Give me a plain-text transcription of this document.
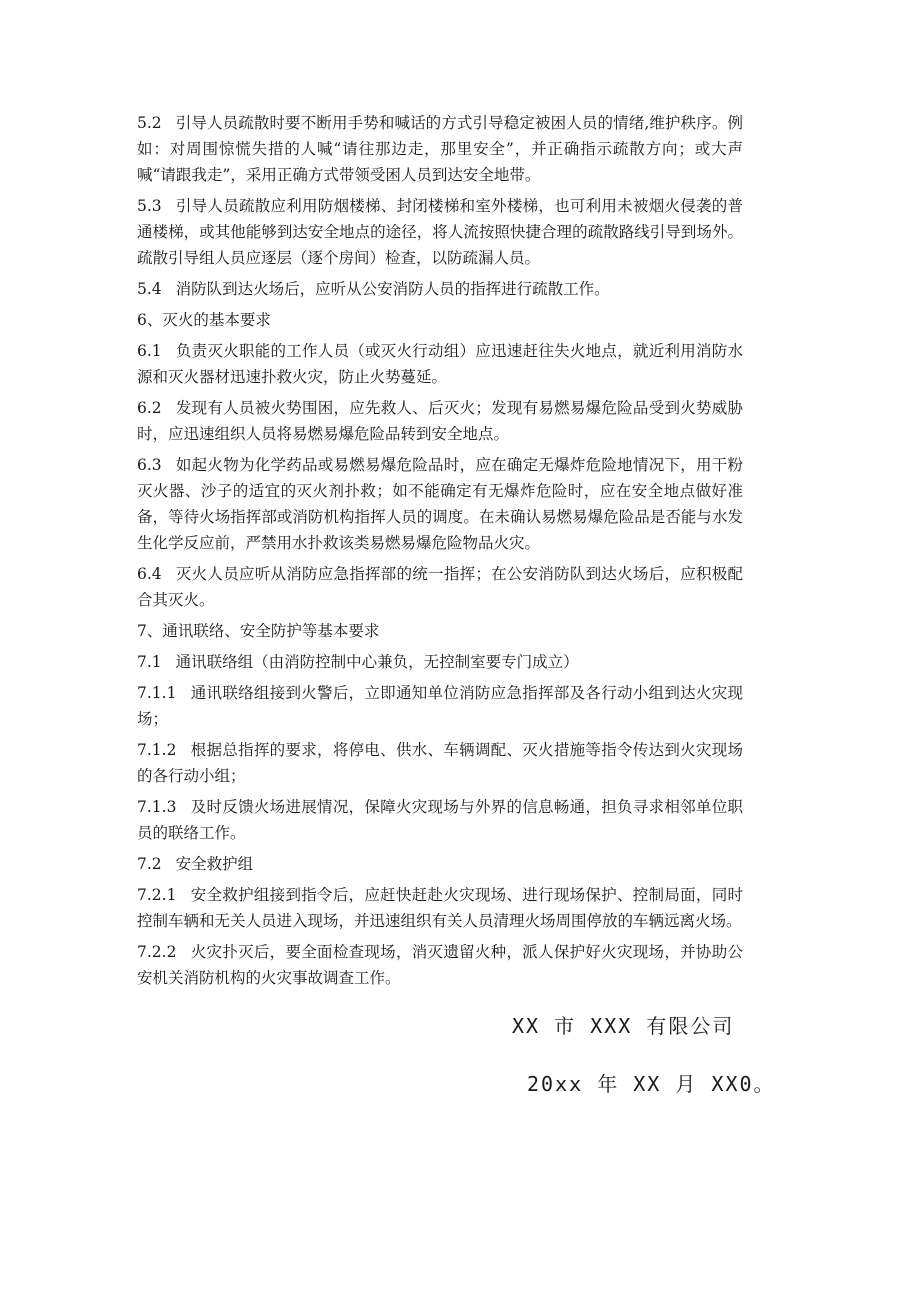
5.2 引导人员疏散时要不断用手势和喊话的方式引导稳定被困人员的情绪,维护秩序。例如：对周围惊慌失措的人喊“请往那边走，那里安全”，并正确指示疏散方向；或大声喊“请跟我走”，采用正确方式带领受困人员到达安全地带。

5.3 引导人员疏散应利用防烟楼梯、封闭楼梯和室外楼梯，也可利用未被烟火侵袭的普通楼梯，或其他能够到达安全地点的途径，将人流按照快捷合理的疏散路线引导到场外。疏散引导组人员应逐层（逐个房间）检查，以防疏漏人员。

5.4 消防队到达火场后，应听从公安消防人员的指挥进行疏散工作。

6、灭火的基本要求

6.1 负责灭火职能的工作人员（或灭火行动组）应迅速赶往失火地点，就近利用消防水源和灭火器材迅速扑救火灾，防止火势蔓延。

6.2 发现有人员被火势围困，应先救人、后灭火；发现有易燃易爆危险品受到火势威胁时，应迅速组织人员将易燃易爆危险品转到安全地点。

6.3 如起火物为化学药品或易燃易爆危险品时，应在确定无爆炸危险地情况下，用干粉灭火器、沙子的适宜的灭火剂扑救；如不能确定有无爆炸危险时，应在安全地点做好准备，等待火场指挥部或消防机构指挥人员的调度。在未确认易燃易爆危险品是否能与水发生化学反应前，严禁用水扑救该类易燃易爆危险物品火灾。

6.4 灭火人员应听从消防应急指挥部的统一指挥；在公安消防队到达火场后，应积极配合其灭火。

7、通讯联络、安全防护等基本要求

7.1 通讯联络组（由消防控制中心兼负，无控制室要专门成立）

7.1.1 通讯联络组接到火警后，立即通知单位消防应急指挥部及各行动小组到达火灾现场；

7.1.2 根据总指挥的要求，将停电、供水、车辆调配、灭火措施等指令传达到火灾现场的各行动小组；

7.1.3 及时反馈火场进展情况，保障火灾现场与外界的信息畅通，担负寻求相邻单位职员的联络工作。

7.2 安全救护组

7.2.1 安全救护组接到指令后，应赶快赶赴火灾现场、进行现场保护、控制局面，同时控制车辆和无关人员进入现场，并迅速组织有关人员清理火场周围停放的车辆远离火场。

7.2.2 火灾扑灭后，要全面检查现场，消灭遗留火种，派人保护好火灾现场，并协助公安机关消防机构的火灾事故调查工作。

XX 市 XXX 有限公司
20xx 年 XX 月 XX0。
